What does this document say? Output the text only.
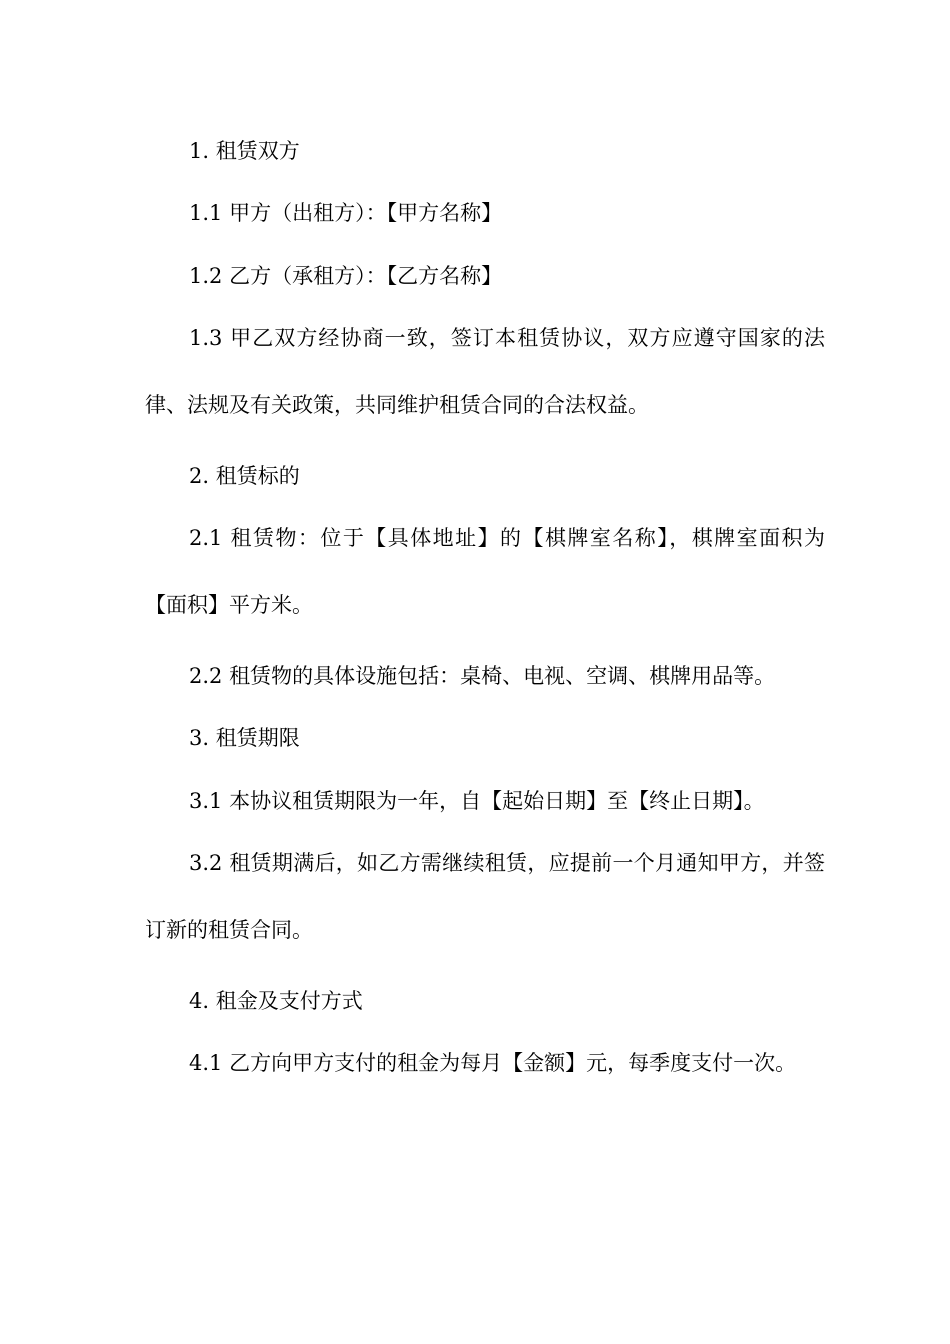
1. 租赁双方

1.1 甲方（出租方）：【甲方名称】

1.2 乙方（承租方）：【乙方名称】

1.3 甲乙双方经协商一致，签订本租赁协议，双方应遵守国家的法律、法规及有关政策，共同维护租赁合同的合法权益。

2. 租赁标的

2.1 租赁物：位于【具体地址】的【棋牌室名称】，棋牌室面积为【面积】平方米。

2.2 租赁物的具体设施包括：桌椅、电视、空调、棋牌用品等。

3. 租赁期限

3.1 本协议租赁期限为一年，自【起始日期】至【终止日期】。

3.2 租赁期满后，如乙方需继续租赁，应提前一个月通知甲方，并签订新的租赁合同。

4. 租金及支付方式

4.1 乙方向甲方支付的租金为每月【金额】元，每季度支付一次。
